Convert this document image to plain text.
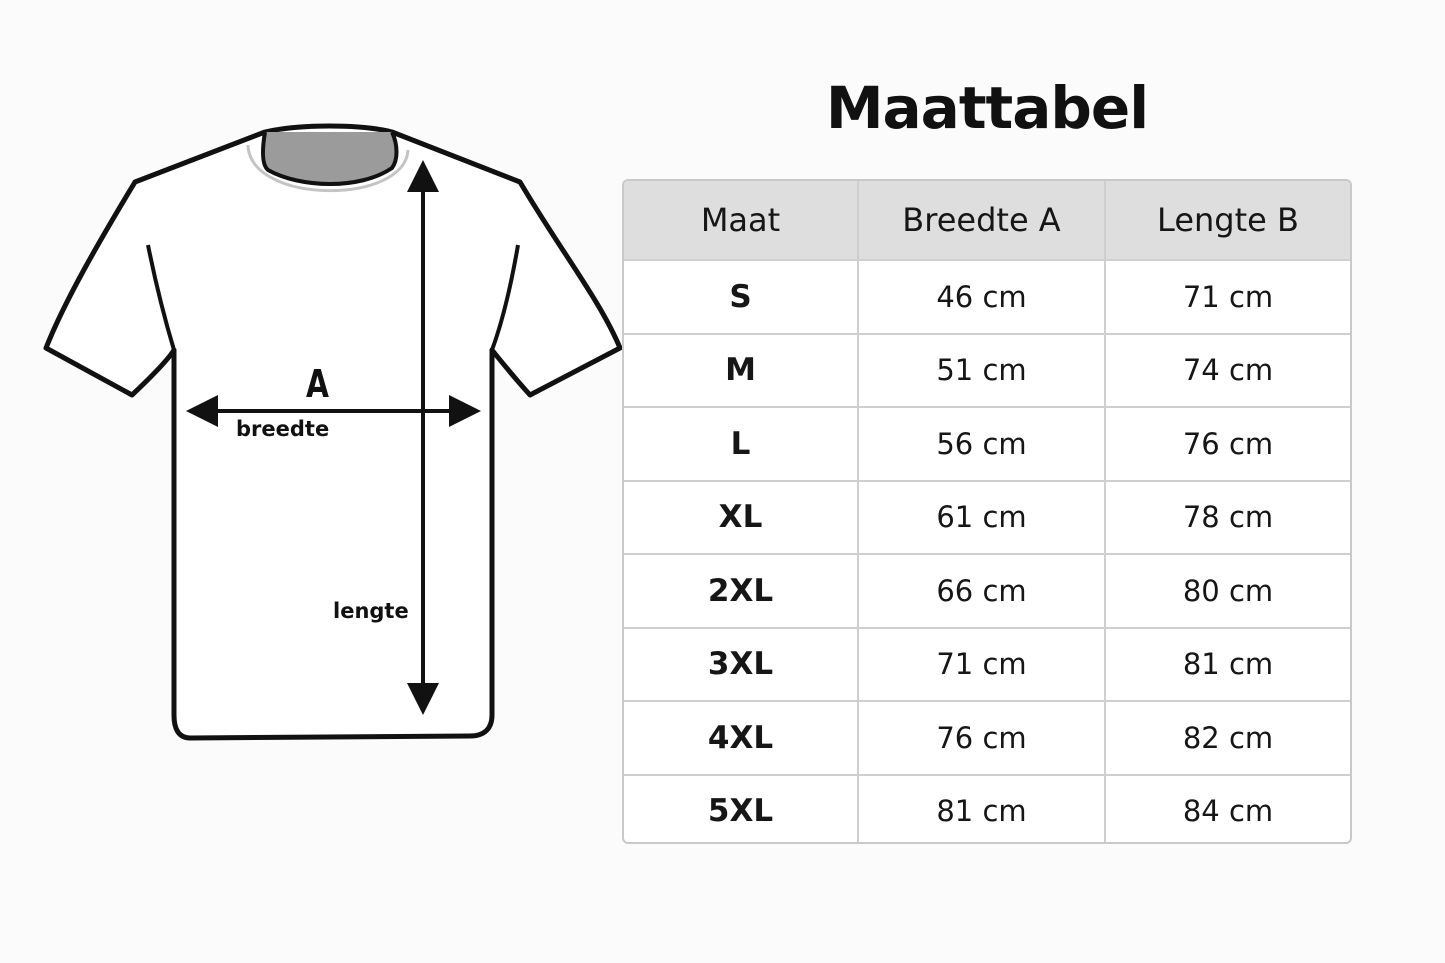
A
breedte
lengte
Maattabel
Maat	Breedte A	Lengte B
S	46 cm	71 cm
M	51 cm	74 cm
L	56 cm	76 cm
XL	61 cm	78 cm
2XL	66 cm	80 cm
3XL	71 cm	81 cm
4XL	76 cm	82 cm
5XL	81 cm	84 cm
